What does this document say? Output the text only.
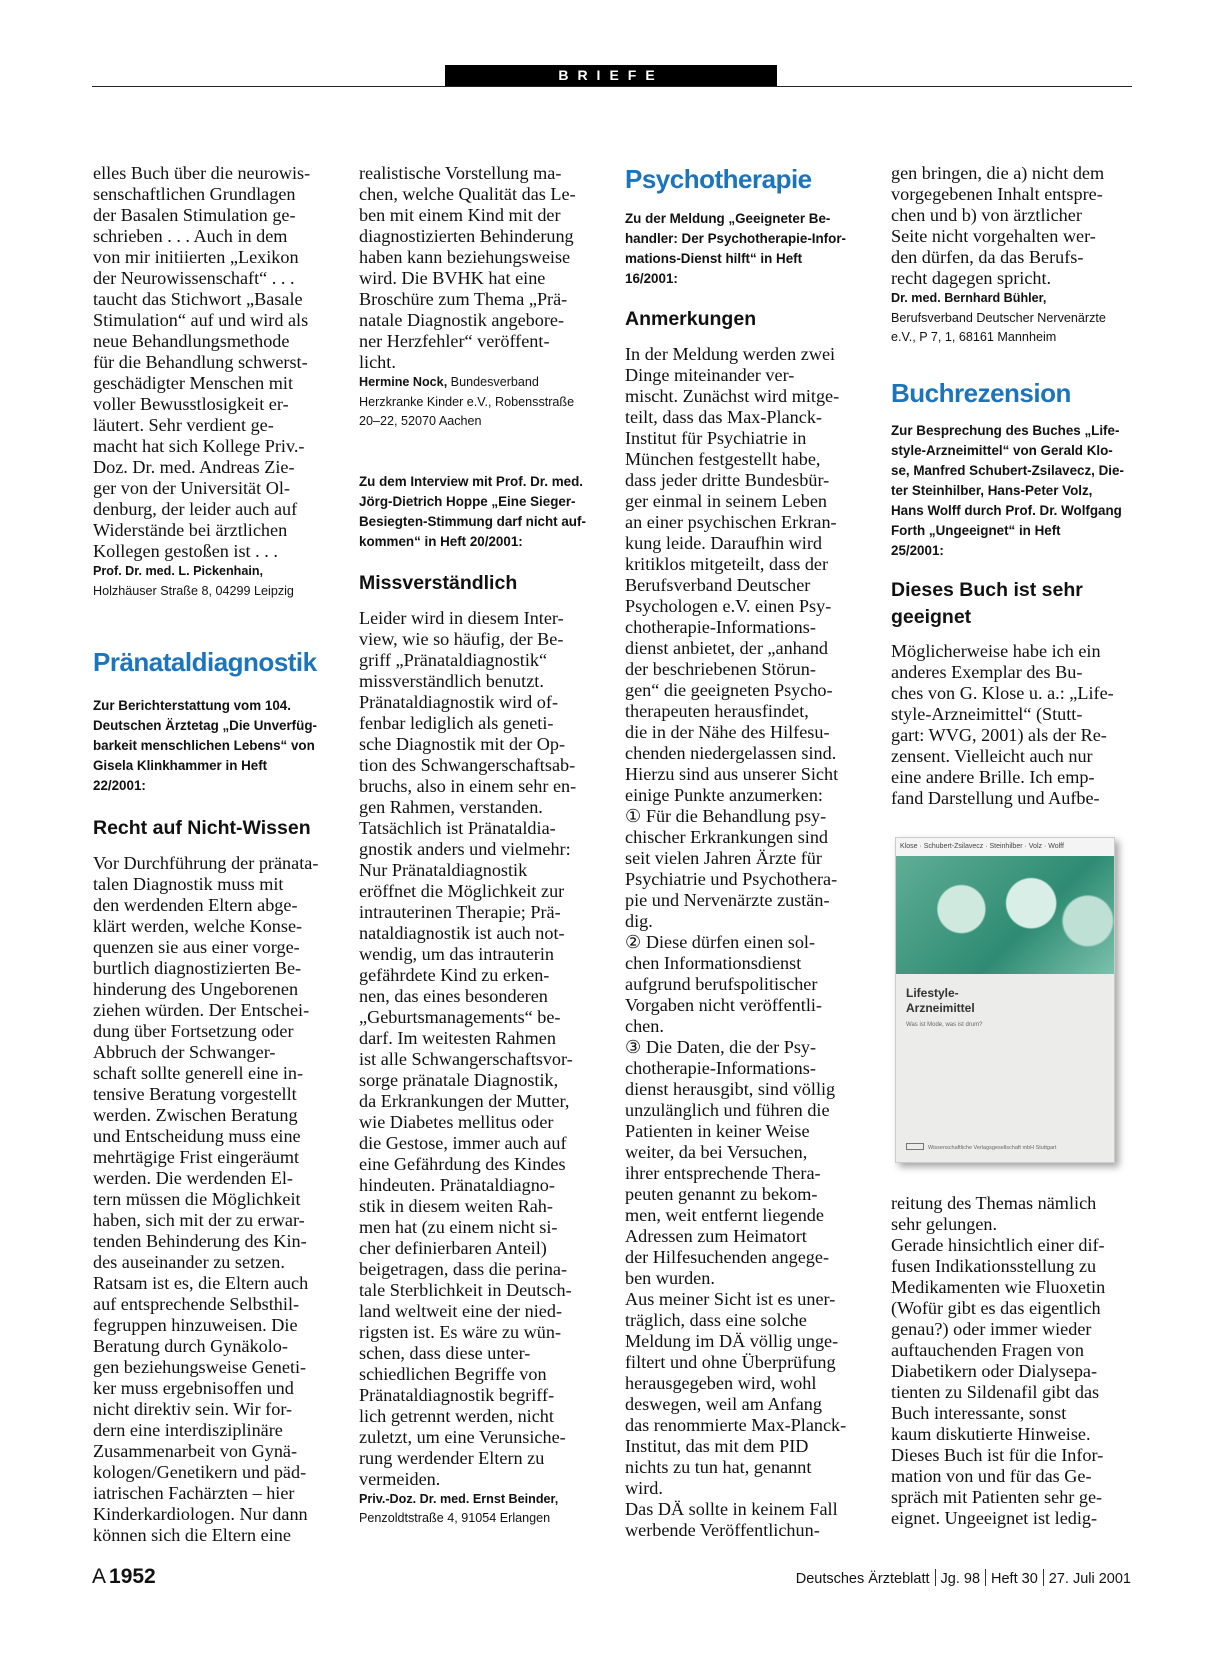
BRIEFE
elles Buch über die neurowis-
senschaftlichen Grundlagen
der Basalen Stimulation ge-
schrieben . . . Auch in dem
von mir initiierten „Lexikon
der Neurowissenschaft“ . . .
taucht das Stichwort „Basale
Stimulation“ auf und wird als
neue Behandlungsmethode
für die Behandlung schwerst-
geschädigter Menschen mit
voller Bewusstlosigkeit er-
läutert. Sehr verdient ge-
macht hat sich Kollege Priv.-
Doz. Dr. med. Andreas Zie-
ger von der Universität Ol-
denburg, der leider auch auf
Widerstände bei ärztlichen
Kollegen gestoßen ist . . .
Prof. Dr. med. L. Pickenhain,
Holzhäuser Straße 8, 04299 Leipzig
Pränataldiagnostik
Zur Berichterstattung vom 104.
Deutschen Ärztetag „Die Unverfüg-
barkeit menschlichen Lebens“ von
Gisela Klinkhammer in Heft
22/2001:
Recht auf Nicht-Wissen
Vor Durchführung der pränata-
talen Diagnostik muss mit
den werdenden Eltern abge-
klärt werden, welche Konse-
quenzen sie aus einer vorge-
burtlich diagnostizierten Be-
hinderung des Ungeborenen
ziehen würden. Der Entschei-
dung über Fortsetzung oder
Abbruch der Schwanger-
schaft sollte generell eine in-
tensive Beratung vorgestellt
werden. Zwischen Beratung
und Entscheidung muss eine
mehrtägige Frist eingeräumt
werden. Die werdenden El-
tern müssen die Möglichkeit
haben, sich mit der zu erwar-
tenden Behinderung des Kin-
des auseinander zu setzen.
Ratsam ist es, die Eltern auch
auf entsprechende Selbsthil-
fegruppen hinzuweisen. Die
Beratung durch Gynäkolo-
gen beziehungsweise Geneti-
ker muss ergebnisoffen und
nicht direktiv sein. Wir for-
dern eine interdisziplinäre
Zusammenarbeit von Gynä-
kologen/Genetikern und päd-
iatrischen Fachärzten – hier
Kinderkardiologen. Nur dann
können sich die Eltern eine
realistische Vorstellung ma-
chen, welche Qualität das Le-
ben mit einem Kind mit der
diagnostizierten Behinderung
haben kann beziehungsweise
wird. Die BVHK hat eine
Broschüre zum Thema „Prä-
natale Diagnostik angebore-
ner Herzfehler“ veröffent-
licht.
Hermine Nock, Bundesverband
Herzkranke Kinder e.V., Robensstraße
20–22, 52070 Aachen
Zu dem Interview mit Prof. Dr. med.
Jörg-Dietrich Hoppe „Eine Sieger-
Besiegten-Stimmung darf nicht auf-
kommen“ in Heft 20/2001:
Missverständlich
Leider wird in diesem Inter-
view, wie so häufig, der Be-
griff „Pränataldiagnostik“
missverständlich benutzt.
Pränataldiagnostik wird of-
fenbar lediglich als geneti-
sche Diagnostik mit der Op-
tion des Schwangerschaftsab-
bruchs, also in einem sehr en-
gen Rahmen, verstanden.
Tatsächlich ist Pränataldia-
gnostik anders und vielmehr:
Nur Pränataldiagnostik
eröffnet die Möglichkeit zur
intrauterinen Therapie; Prä-
nataldiagnostik ist auch not-
wendig, um das intrauterin
gefährdete Kind zu erken-
nen, das eines besonderen
„Geburtsmanagements“ be-
darf. Im weitesten Rahmen
ist alle Schwangerschaftsvor-
sorge pränatale Diagnostik,
da Erkrankungen der Mutter,
wie Diabetes mellitus oder
die Gestose, immer auch auf
eine Gefährdung des Kindes
hindeuten. Pränataldiagno-
stik in diesem weiten Rah-
men hat (zu einem nicht si-
cher definierbaren Anteil)
beigetragen, dass die perina-
tale Sterblichkeit in Deutsch-
land weltweit eine der nied-
rigsten ist. Es wäre zu wün-
schen, dass diese unter-
schiedlichen Begriffe von
Pränataldiagnostik begriff-
lich getrennt werden, nicht
zuletzt, um eine Verunsiche-
rung werdender Eltern zu
vermeiden.
Priv.-Doz. Dr. med. Ernst Beinder,
Penzoldtstraße 4, 91054 Erlangen
Psychotherapie
Zu der Meldung „Geeigneter Be-
handler: Der Psychotherapie-Infor-
mations-Dienst hilft“ in Heft
16/2001:
Anmerkungen
In der Meldung werden zwei
Dinge miteinander ver-
mischt. Zunächst wird mitge-
teilt, dass das Max-Planck-
Institut für Psychiatrie in
München festgestellt habe,
dass jeder dritte Bundesbür-
ger einmal in seinem Leben
an einer psychischen Erkran-
kung leide. Daraufhin wird
kritiklos mitgeteilt, dass der
Berufsverband Deutscher
Psychologen e.V. einen Psy-
chotherapie-Informations-
dienst anbietet, der „anhand
der beschriebenen Störun-
gen“ die geeigneten Psycho-
therapeuten herausfindet,
die in der Nähe des Hilfesu-
chenden niedergelassen sind.
Hierzu sind aus unserer Sicht
einige Punkte anzumerken:
① Für die Behandlung psy-
chischer Erkrankungen sind
seit vielen Jahren Ärzte für
Psychiatrie und Psychothera-
pie und Nervenärzte zustän-
dig.
② Diese dürfen einen sol-
chen Informationsdienst
aufgrund berufspolitischer
Vorgaben nicht veröffentli-
chen.
③ Die Daten, die der Psy-
chotherapie-Informations-
dienst herausgibt, sind völlig
unzulänglich und führen die
Patienten in keiner Weise
weiter, da bei Versuchen,
ihrer entsprechende Thera-
peuten genannt zu bekom-
men, weit entfernt liegende
Adressen zum Heimatort
der Hilfesuchenden angege-
ben wurden.
Aus meiner Sicht ist es uner-
träglich, dass eine solche
Meldung im DÄ völlig unge-
filtert und ohne Überprüfung
herausgegeben wird, wohl
deswegen, weil am Anfang
das renommierte Max-Planck-
Institut, das mit dem PID
nichts zu tun hat, genannt
wird.
Das DÄ sollte in keinem Fall
werbende Veröffentlichun-
gen bringen, die a) nicht dem
vorgegebenen Inhalt entspre-
chen und b) von ärztlicher
Seite nicht vorgehalten wer-
den dürfen, da das Berufs-
recht dagegen spricht.
Dr. med. Bernhard Bühler,
Berufsverband Deutscher Nervenärzte
e.V., P 7, 1, 68161 Mannheim
Buchrezension
Zur Besprechung des Buches „Life-
style-Arzneimittel“ von Gerald Klo-
se, Manfred Schubert-Zsilavecz, Die-
ter Steinhilber, Hans-Peter Volz,
Hans Wolff durch Prof. Dr. Wolfgang
Forth „Ungeeignet“ in Heft
25/2001:
Dieses Buch ist sehr
geeignet
Möglicherweise habe ich ein
anderes Exemplar des Bu-
ches von G. Klose u. a.: „Life-
style-Arzneimittel“ (Stutt-
gart: WVG, 2001) als der Re-
zensent. Vielleicht auch nur
eine andere Brille. Ich emp-
fand Darstellung und Aufbe-
Klose · Schubert-Zsilavecz · Steinhilber · Volz · Wolff
Lifestyle-
Arzneimittel
Was ist Mode, was ist drum?
Wissenschaftliche Verlagsgesellschaft mbH Stuttgart
reitung des Themas nämlich
sehr gelungen.
Gerade hinsichtlich einer dif-
fusen Indikationsstellung zu
Medikamenten wie Fluoxetin
(Wofür gibt es das eigentlich
genau?) oder immer wieder
auftauchenden Fragen von
Diabetikern oder Dialysepa-
tienten zu Sildenafil gibt das
Buch interessante, sonst
kaum diskutierte Hinweise.
Dieses Buch ist für die Infor-
mation von und für das Ge-
spräch mit Patienten sehr ge-
eignet. Ungeeignet ist ledig-
A 1952	Deutsches Ärzteblatt Jg. 98 Heft 30 27. Juli 2001
